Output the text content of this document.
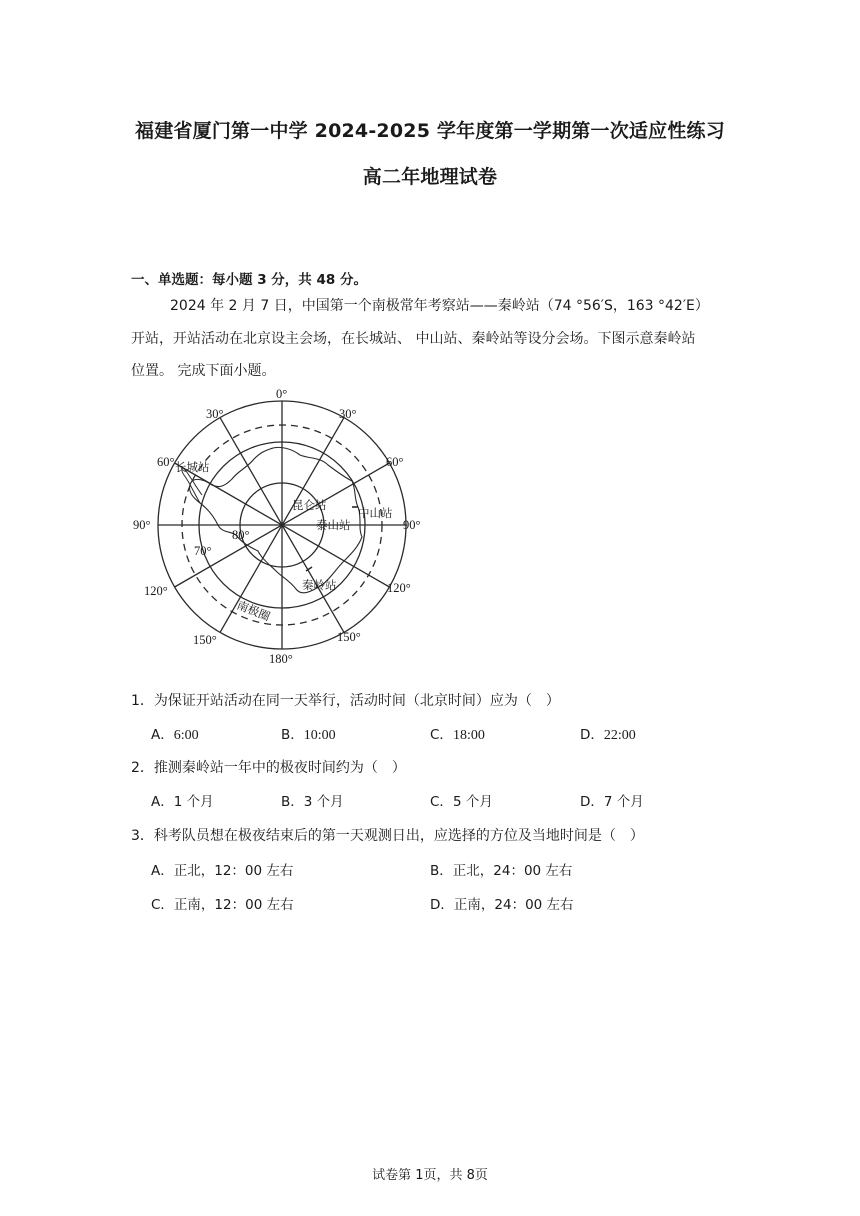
福建省厦门第一中学 2024-2025 学年度第一学期第一次适应性练习
高二年地理试卷
一、单选题：每小题 3 分，共 48 分。
2024 年 2 月 7 日，中国第一个南极常年考察站——秦岭站（74 °56′S，163 °42′E）
开站，开站活动在北京设主会场，在长城站、 中山站、秦岭站等设分会场。下图示意秦岭站
位置。 完成下面小题。
0°
30°	30°
60°	60°
90°	90°
120°	120°
150°	150°
180°
70°
80°
长城站
昆仑站
中山站
泰山站
秦岭站
南极圈
1．为保证开站活动在同一天举行，活动时间（北京时间）应为（　）
A．6:00	B．10:00	C．18:00	D．22:00
2．推测秦岭站一年中的极夜时间约为（　）
A．1 个月	B．3 个月	C．5 个月	D．7 个月
3．科考队员想在极夜结束后的第一天观测日出，应选择的方位及当地时间是（　）
A．正北，12：00 左右	B．正北，24：00 左右
C．正南，12：00 左右	D．正南，24：00 左右
试卷第 1页，共 8页
